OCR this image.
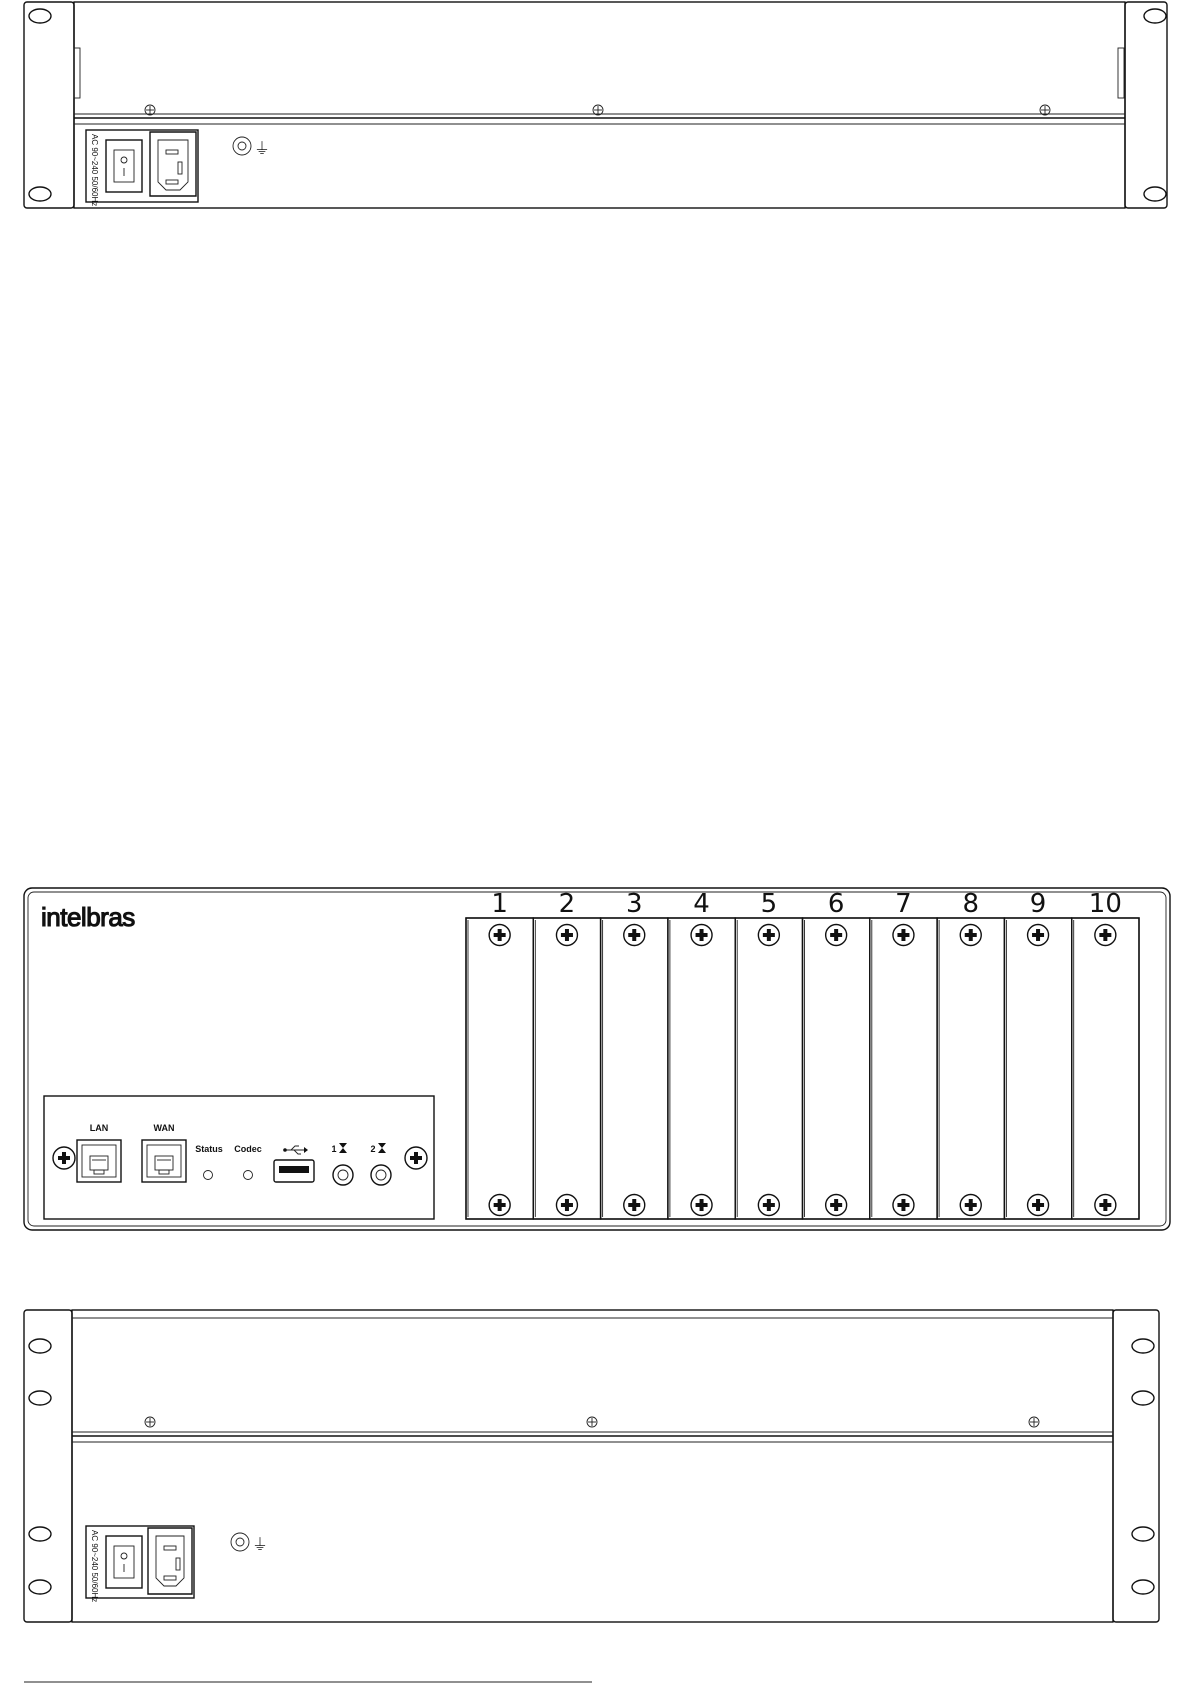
AC 90~240 50/60Hz	⏚
intelbras
LAN	WAN
Status Codec	1	2
1 2 3 4 5 6 7 8 9 10
AC 90~240 50/60Hz	⏚
